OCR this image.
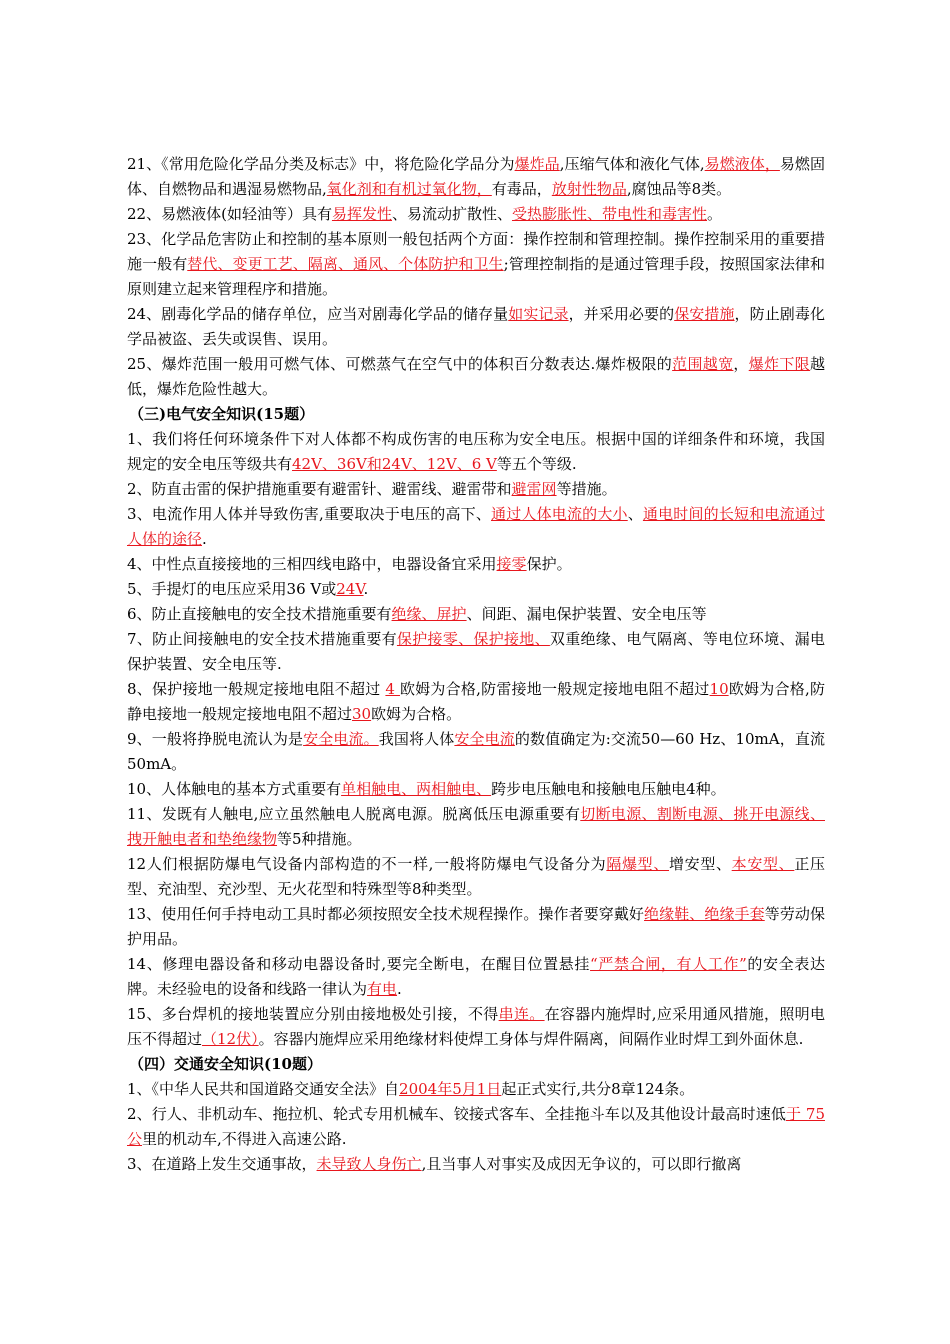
21、《常用危险化学品分类及标志》中，将危险化学品分为爆炸品,压缩气体和液化气体,易燃液体，易燃固体、自燃物品和遇湿易燃物品,氧化剂和有机过氧化物，有毒品，放射性物品,腐蚀品等8类。

22、易燃液体(如轻油等）具有易挥发性、易流动扩散性、受热膨胀性、带电性和毒害性。

23、化学品危害防止和控制的基本原则一般包括两个方面：操作控制和管理控制。操作控制采用的重要措施一般有替代、变更工艺、隔离、通风、个体防护和卫生;管理控制指的是通过管理手段，按照国家法律和原则建立起来管理程序和措施。

24、剧毒化学品的储存单位，应当对剧毒化学品的储存量如实记录，并采用必要的保安措施，防止剧毒化学品被盗、丢失或误售、误用。

25、爆炸范围一般用可燃气体、可燃蒸气在空气中的体积百分数表达.爆炸极限的范围越宽，爆炸下限越低，爆炸危险性越大。

（三)电气安全知识(15题）

1、我们将任何环境条件下对人体都不构成伤害的电压称为安全电压。根据中国的详细条件和环境，我国规定的安全电压等级共有42V、36V和24V、12V、6 V等五个等级.

2、防直击雷的保护措施重要有避雷针、避雷线、避雷带和避雷网等措施。

3、电流作用人体并导致伤害,重要取决于电压的高下、通过人体电流的大小、通电时间的长短和电流通过人体的途径.

4、中性点直接接地的三相四线电路中，电器设备宜采用接零保护。

5、手提灯的电压应采用36 V或24V.

6、防止直接触电的安全技术措施重要有绝缘、屏护、间距、漏电保护装置、安全电压等

7、防止间接触电的安全技术措施重要有保护接零、保护接地、双重绝缘、电气隔离、等电位环境、漏电保护装置、安全电压等.

8、保护接地一般规定接地电阻不超过 4 欧姆为合格,防雷接地一般规定接地电阻不超过10欧姆为合格,防静电接地一般规定接地电阻不超过30欧姆为合格。

9、一般将挣脱电流认为是安全电流。我国将人体安全电流的数值确定为:交流50—60 Hz、10mA，直流50mA。

10、人体触电的基本方式重要有单相触电、两相触电、跨步电压触电和接触电压触电4种。

11、发既有人触电,应立虽然触电人脱离电源。脱离低压电源重要有切断电源、割断电源、挑开电源线、拽开触电者和垫绝缘物等5种措施。

12人们根据防爆电气设备内部构造的不一样,一般将防爆电气设备分为隔爆型、增安型、本安型、正压型、充油型、充沙型、无火花型和特殊型等8种类型。

13、使用任何手持电动工具时都必须按照安全技术规程操作。操作者要穿戴好绝缘鞋、绝缘手套等劳动保护用品。

14、修理电器设备和移动电器设备时,要完全断电，在醒目位置悬挂“严禁合闸，有人工作”的安全表达牌。未经验电的设备和线路一律认为有电.

15、多台焊机的接地装置应分别由接地极处引接，不得串连。在容器内施焊时,应采用通风措施，照明电压不得超过（12伏）。容器内施焊应采用绝缘材料使焊工身体与焊件隔离，间隔作业时焊工到外面休息.

（四）交通安全知识(10题）

1、《中华人民共和国道路交通安全法》自2004年5月1日起正式实行,共分8章124条。

2、行人、非机动车、拖拉机、轮式专用机械车、铰接式客车、全挂拖斗车以及其他设计最高时速低于 75 公里的机动车,不得进入高速公路.

3、在道路上发生交通事故，未导致人身伤亡,且当事人对事实及成因无争议的，可以即行撤离
